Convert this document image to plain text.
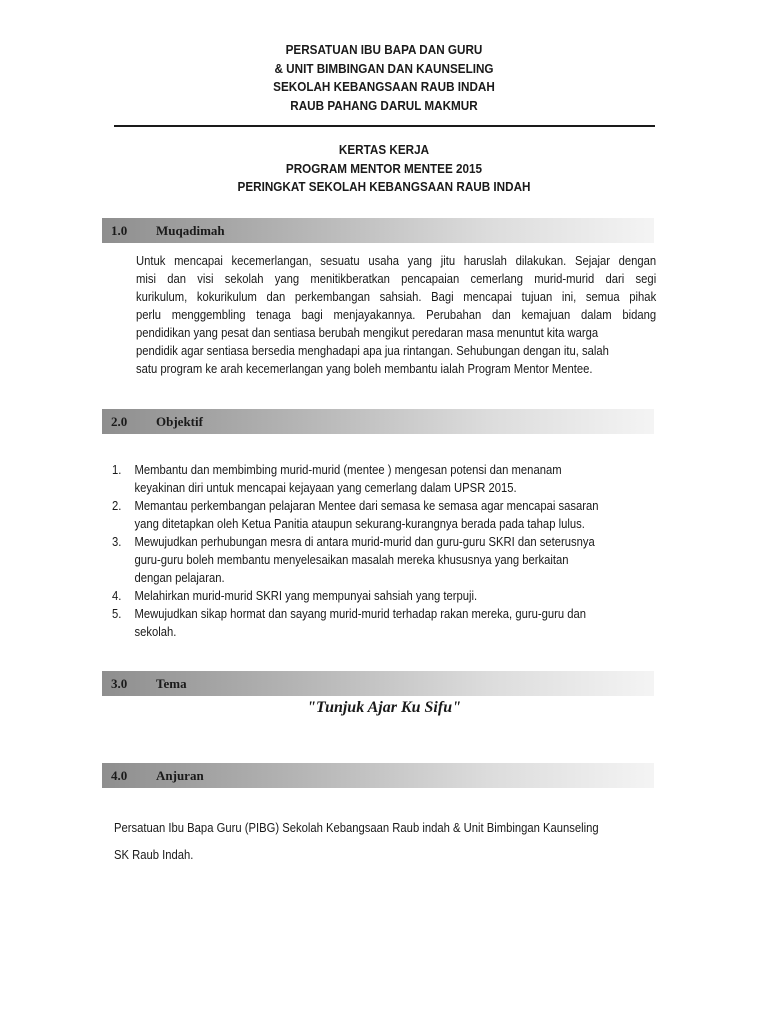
PERSATUAN IBU BAPA DAN GURU
& UNIT BIMBINGAN DAN KAUNSELING
SEKOLAH KEBANGSAAN RAUB INDAH
RAUB PAHANG DARUL MAKMUR
KERTAS KERJA
PROGRAM MENTOR MENTEE 2015
PERINGKAT SEKOLAH KEBANGSAAN RAUB INDAH
1.0 Muqadimah
Untuk mencapai kecemerlangan, sesuatu usaha yang jitu haruslah dilakukan. Sejajar dengan
misi dan visi sekolah yang menitikberatkan pencapaian cemerlang murid-murid dari segi
kurikulum, kokurikulum dan perkembangan sahsiah. Bagi mencapai tujuan ini, semua pihak
perlu menggembling tenaga bagi menjayakannya. Perubahan dan kemajuan dalam bidang
pendidikan yang pesat dan sentiasa berubah mengikut peredaran masa menuntut kita warga
pendidik agar sentiasa bersedia menghadapi apa jua rintangan. Sehubungan dengan itu, salah
satu program ke arah kecemerlangan yang boleh membantu ialah Program Mentor Mentee.
2.0 Objektif
1. Membantu dan membimbing murid-murid (mentee ) mengesan potensi dan menanam
keyakinan diri untuk mencapai kejayaan yang cemerlang dalam UPSR 2015.
2. Memantau perkembangan pelajaran Mentee dari semasa ke semasa agar mencapai sasaran
yang ditetapkan oleh Ketua Panitia ataupun sekurang-kurangnya berada pada tahap lulus.
3. Mewujudkan perhubungan mesra di antara murid-murid dan guru-guru SKRI dan seterusnya
guru-guru boleh membantu menyelesaikan masalah mereka khususnya yang berkaitan
dengan pelajaran.
4. Melahirkan murid-murid SKRI yang mempunyai sahsiah yang terpuji.
5. Mewujudkan sikap hormat dan sayang murid-murid terhadap rakan mereka, guru-guru dan
sekolah.
3.0 Tema
"Tunjuk Ajar Ku Sifu"
4.0 Anjuran
Persatuan Ibu Bapa Guru (PIBG) Sekolah Kebangsaan Raub indah & Unit Bimbingan Kaunseling
SK Raub Indah.
